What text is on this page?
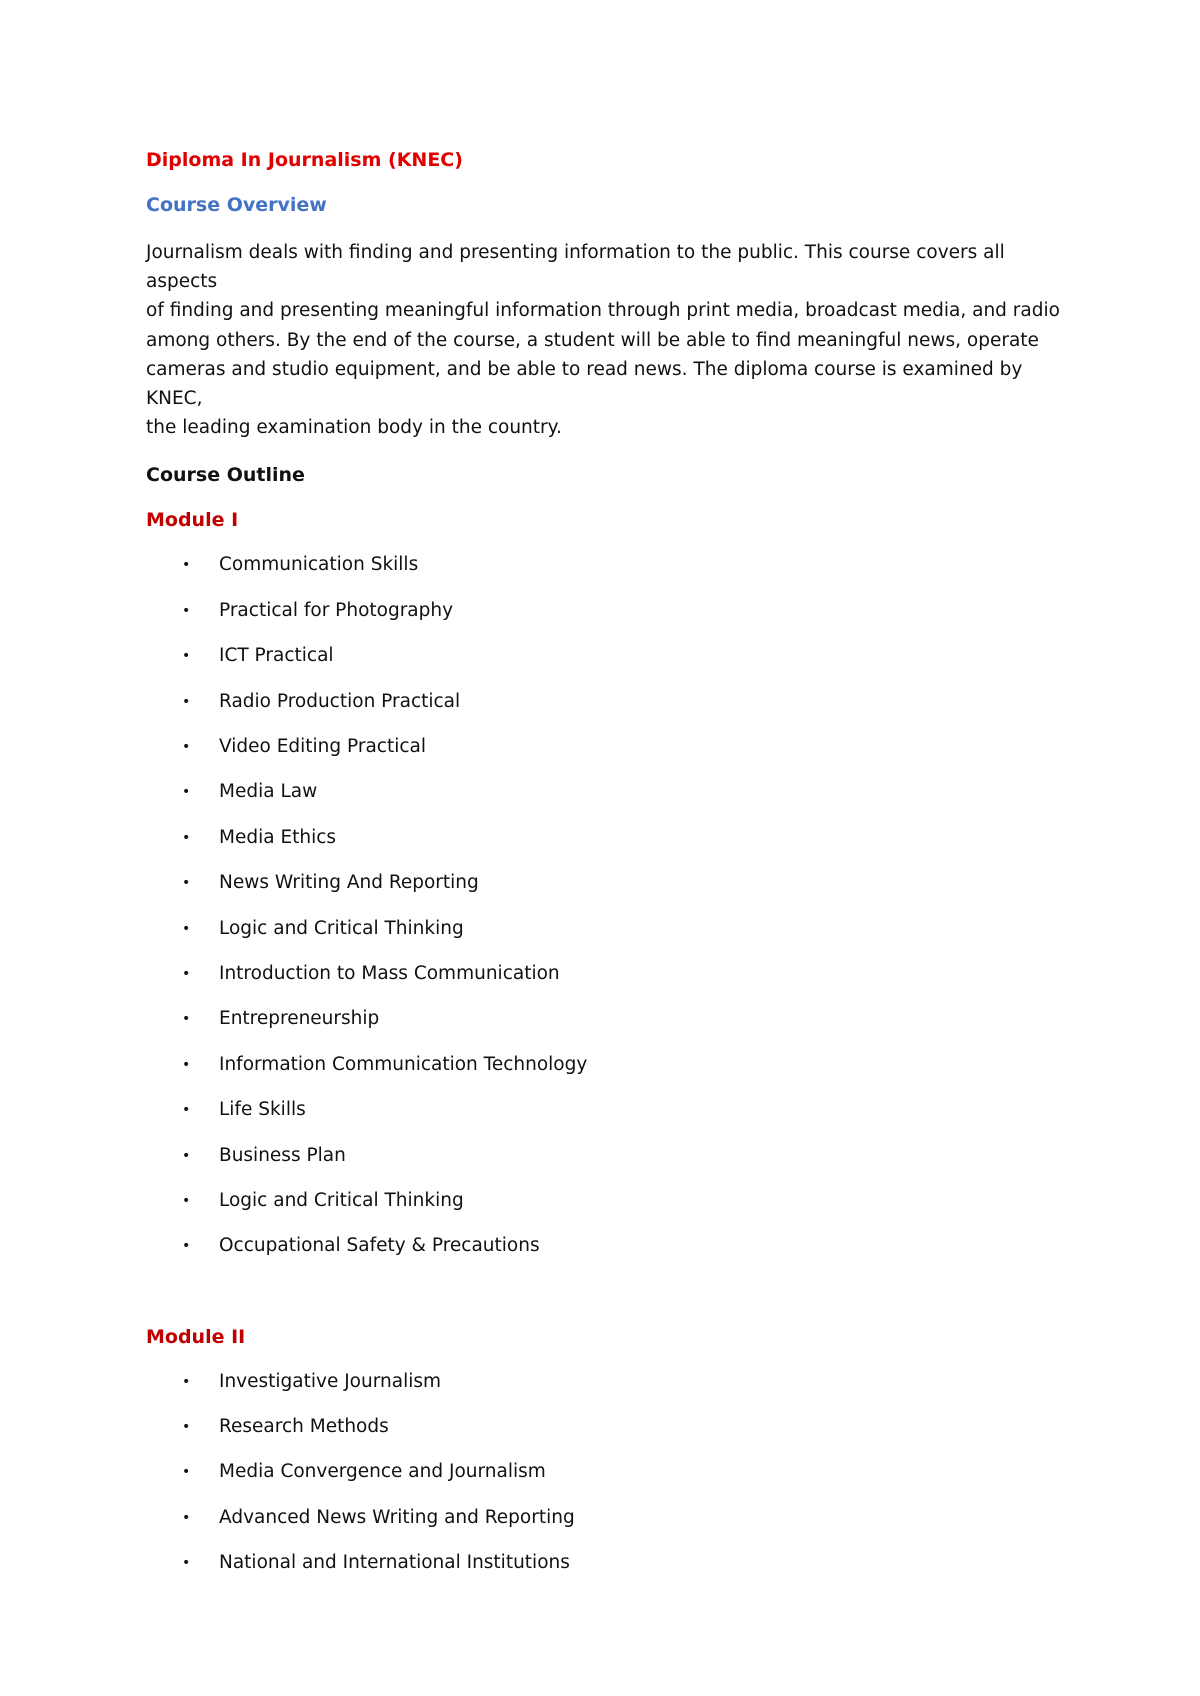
Diploma In Journalism (KNEC)
Course Overview
Journalism deals with finding and presenting information to the public. This course covers all aspects
of finding and presenting meaningful information through print media, broadcast media, and radio
among others. By the end of the course, a student will be able to find meaningful news, operate
cameras and studio equipment, and be able to read news. The diploma course is examined by KNEC,
the leading examination body in the country.
Course Outline
Module I
• Communication Skills
• Practical for Photography
• ICT Practical
• Radio Production Practical
• Video Editing Practical
• Media Law
• Media Ethics
• News Writing And Reporting
• Logic and Critical Thinking
• Introduction to Mass Communication
• Entrepreneurship
• Information Communication Technology
• Life Skills
• Business Plan
• Logic and Critical Thinking
• Occupational Safety & Precautions
Module II
• Investigative Journalism
• Research Methods
• Media Convergence and Journalism
• Advanced News Writing and Reporting
• National and International Institutions
